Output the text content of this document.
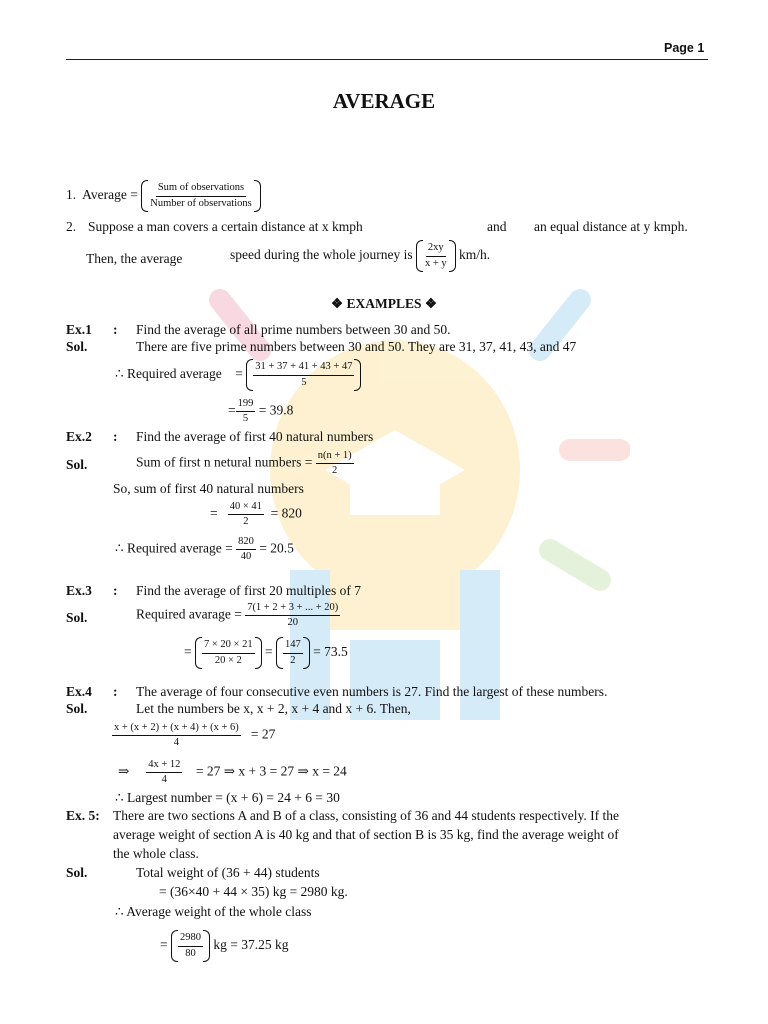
Page 1
AVERAGE
1. Average = $\frac{\text{Sum of observations}}{\text{Number of observations}}$
2. Suppose a man covers a certain distance at x kmph	and an equal distance at y kmph.
Then, the average	speed during the whole journey is $\frac{2xy}{x + y} km/h$.
❖ EXAMPLES ❖
Ex.1 : Find the average of all prime numbers between 30 and 50.
Sol.	There are five prime numbers between 30 and 50. They are 31, 37, 41, 43, and 47
∴ Required average = $\frac{31 + 37 + 41 + 43 + 47}{5}$
= $\frac{199}{5} = 39.8$
Ex.2 : Find the average of first 40 natural numbers
Sol.	Sum of first n netural numbers = $\frac{n(n + 1)}{2}$
So, sum of first 40 natural numbers
= $\frac{40 \times 41}{2} = 820$
∴ Required average = $\frac{820}{40} = 20.5$
Ex.3 : Find the average of first 20 multiples of 7
Sol.	Required avarage = $\frac{7(1 + 2 + 3 + ... + 20)}{20}$
= $\frac{7 \times 20 \times 21}{20 \times 2} = \frac{147}{2} = 73.5$
Ex.4 : The average of four consecutive even numbers is 27. Find the largest of these numbers.
Sol.	Let the numbers be x, x + 2, x + 4 and x + 6. Then,
$\frac{x + (x + 2) + (x + 4) + (x + 6)}{4} = 27$
⇒ $\frac{4x + 12}{4} = 27$ ⇒ x + 3 = 27 ⇒ x = 24
∴ Largest number = (x + 6) = 24 + 6 = 30
Ex. 5: There are two sections A and B of a class, consisting of 36 and 44 students respectively. If the
average weight of section A is 40 kg and that of section B is 35 kg, find the average weight of
the whole class.
Sol.	Total weight of (36 + 44) students
= (36×40 + 44 × 35) kg = 2980 kg.
∴ Average weight of the whole class
= $\frac{2980}{80}$ kg = 37.25 kg
